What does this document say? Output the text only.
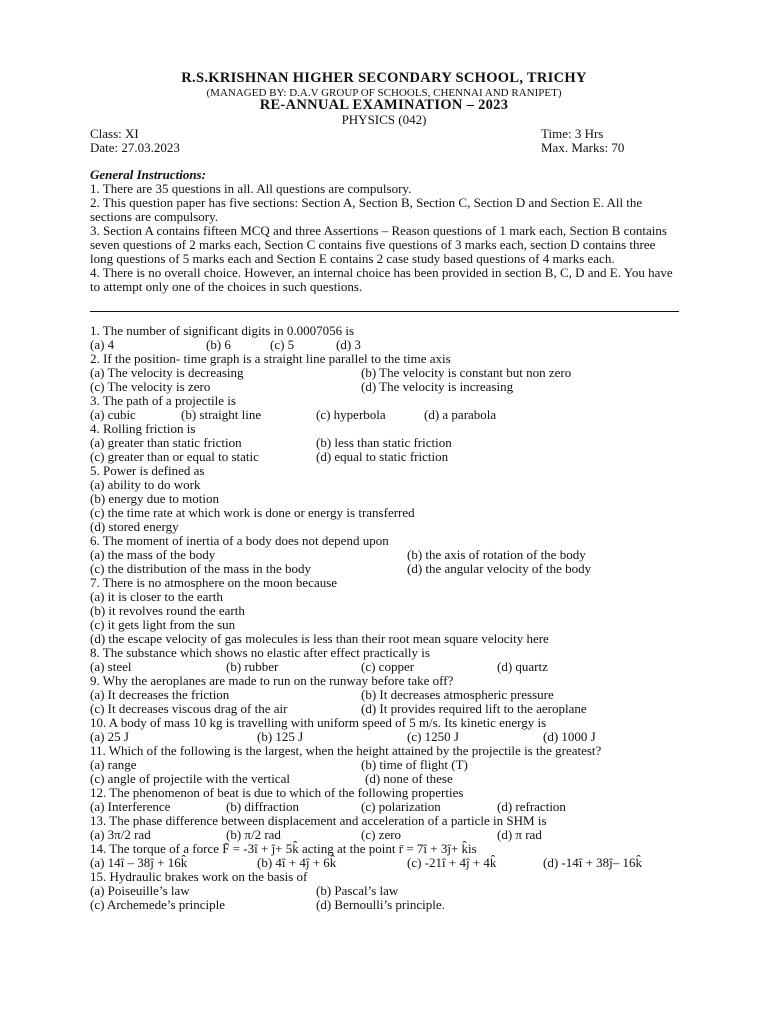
R.S.KRISHNAN HIGHER SECONDARY SCHOOL, TRICHY
(MANAGED BY: D.A.V GROUP OF SCHOOLS, CHENNAI AND RANIPET)
RE-ANNUAL EXAMINATION – 2023
PHYSICS (042)
Class: XI
Date: 27.03.2023
Time: 3 Hrs
Max. Marks: 70

General Instructions:

1. There are 35 questions in all. All questions are compulsory.

2. This question paper has five sections: Section A, Section B, Section C, Section D and Section E. All the sections are compulsory.

3. Section A contains fifteen MCQ and three Assertions – Reason questions of 1 mark each, Section B contains seven questions of 2 marks each, Section C contains five questions of 3 marks each, section D contains three long questions of 5 marks each and Section E contains 2 case study based questions of 4 marks each.

4. There is no overall choice. However, an internal choice has been provided in section B, C, D and E. You have to attempt only one of the choices in such questions.

1. The number of significant digits in 0.0007056 is
(a) 4	(b) 6	(c) 5	(d) 3
2. If the position- time graph is a straight line parallel to the time axis
(a) The velocity is decreasing	(b) The velocity is constant but non zero
(c) The velocity is zero	(d) The velocity is increasing
3. The path of a projectile is
(a) cubic	(b) straight line	(c) hyperbola	(d) a parabola
4. Rolling friction is
(a) greater than static friction	(b) less than static friction
(c) greater than or equal to static	(d) equal to static friction
5. Power is defined as
(a) ability to do work
(b) energy due to motion
(c) the time rate at which work is done or energy is transferred
(d) stored energy
6. The moment of inertia of a body does not depend upon
(a) the mass of the body	(b) the axis of rotation of the body
(c) the distribution of the mass in the body	(d) the angular velocity of the body
7. There is no atmosphere on the moon because
(a) it is closer to the earth
(b) it revolves round the earth
(c) it gets light from the sun
(d) the escape velocity of gas molecules is less than their root mean square velocity here
8. The substance which shows no elastic after effect practically is
(a) steel	(b) rubber	(c) copper	(d) quartz
9. Why the aeroplanes are made to run on the runway before take off?
(a) It decreases the friction	(b) It decreases atmospheric pressure
(c) It decreases viscous drag of the air	(d) It provides required lift to the aeroplane
10. A body of mass 10 kg is travelling with uniform speed of 5 m/s. Its kinetic energy is
(a) 25 J	(b) 125 J	(c) 1250 J	(d) 1000 J
11. Which of the following is the largest, when the height attained by the projectile is the greatest?
(a) range	(b) time of flight (T)
(c) angle of projectile with the vertical	(d) none of these
12. The phenomenon of beat is due to which of the following properties
(a) Interference	(b) diffraction	(c) polarization	(d) refraction
13. The phase difference between displacement and acceleration of a particle in SHM is
(a) 3π/2 rad	(b) π/2 rad	(c) zero	(d) π rad
14. The torque of a force F̄ = -3î + ĵ+ 5k̂ acting at the point r̄ = 7î + 3ĵ+ k̂is
(a) 14î – 38ĵ + 16k̂	(b) 4î + 4ĵ + 6k̂	(c) -21î + 4ĵ + 4k̂	(d) -14î + 38ĵ– 16k̂
15. Hydraulic brakes work on the basis of
(a) Poiseuille’s law	(b) Pascal’s law
(c) Archemede’s principle	(d) Bernoulli’s principle.
